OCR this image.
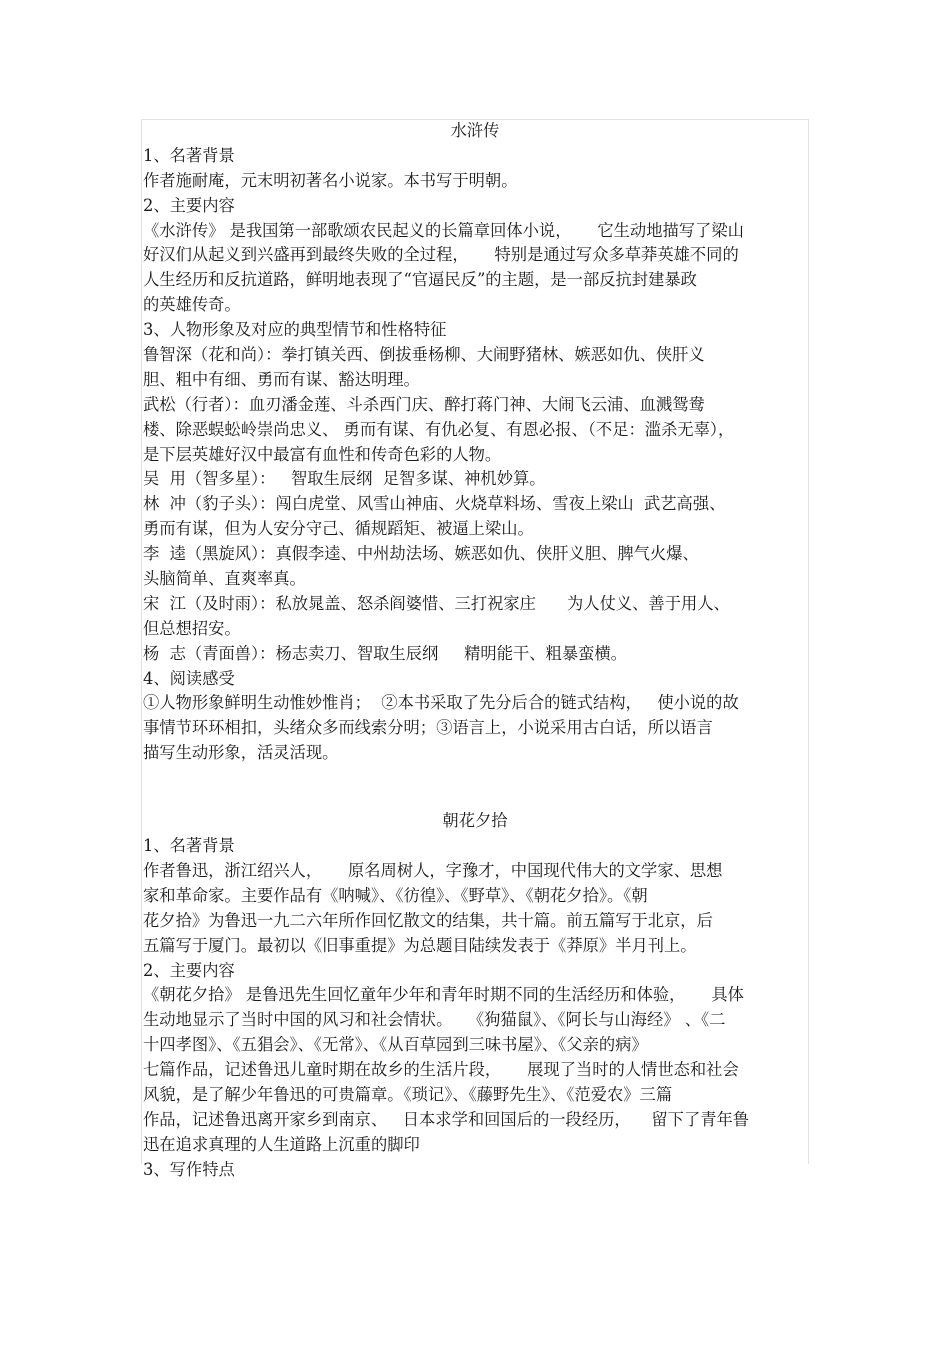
水浒传
1、名著背景
作者施耐庵，元末明初著名小说家。本书写于明朝。
2、主要内容
《水浒传》 是我国第一部歌颂农民起义的长篇章回体小说，     它生动地描写了梁山
好汉们从起义到兴盛再到最终失败的全过程，     特别是通过写众多草莽英雄不同的
人生经历和反抗道路，鲜明地表现了“官逼民反”的主题，是一部反抗封建暴政
的英雄传奇。
3、人物形象及对应的典型情节和性格特征
鲁智深（花和尚）：拳打镇关西、倒拔垂杨柳、大闹野猪林、嫉恶如仇、侠肝义
胆、粗中有细、勇而有谋、豁达明理。
武松（行者）：血刃潘金莲、斗杀西门庆、醉打蒋门神、大闹飞云浦、血溅鸳鸯
楼、除恶蜈蚣岭崇尚忠义、 勇而有谋、有仇必复、有恩必报、（不足：滥杀无辜），
是下层英雄好汉中最富有血性和传奇色彩的人物。
吴  用（智多星）：   智取生辰纲  足智多谋、神机妙算。
林  冲（豹子头）：闯白虎堂、风雪山神庙、火烧草料场、雪夜上梁山  武艺高强、
勇而有谋，但为人安分守己、循规蹈矩、被逼上梁山。
李  逵（黑旋风）：真假李逵、中州劫法场、嫉恶如仇、侠肝义胆、脾气火爆、
头脑简单、直爽率真。
宋  江（及时雨）：私放晁盖、怒杀阎婆惜、三打祝家庄      为人仗义、善于用人、
但总想招安。
杨  志（青面兽）：杨志卖刀、智取生辰纲     精明能干、粗暴蛮横。
4、阅读感受
①人物形象鲜明生动惟妙惟肖；  ②本书采取了先分后合的链式结构，   使小说的故
事情节环环相扣，头绪众多而线索分明；③语言上，小说采用古白话，所以语言
描写生动形象，活灵活现。
朝花夕拾
1、名著背景
作者鲁迅，浙江绍兴人，     原名周树人，字豫才，中国现代伟大的文学家、思想
家和革命家。主要作品有《呐喊》、《彷徨》、《野草》、《朝花夕拾》。《朝
花夕拾》为鲁迅一九二六年所作回忆散文的结集，共十篇。前五篇写于北京，后
五篇写于厦门。最初以《旧事重提》为总题目陆续发表于《莽原》半月刊上。
2、主要内容
《朝花夕拾》 是鲁迅先生回忆童年少年和青年时期不同的生活经历和体验，     具体
生动地显示了当时中国的风习和社会情状。   《狗猫鼠》、《阿长与山海经》 、《二
十四孝图》、《五猖会》、《无常》、《从百草园到三味书屋》、《父亲的病》
七篇作品，记述鲁迅儿童时期在故乡的生活片段，     展现了当时的人情世态和社会
风貌，是了解少年鲁迅的可贵篇章。《琐记》、《藤野先生》、《范爱农》三篇
作品，记述鲁迅离开家乡到南京、   日本求学和回国后的一段经历，    留下了青年鲁
迅在追求真理的人生道路上沉重的脚印
3、写作特点
